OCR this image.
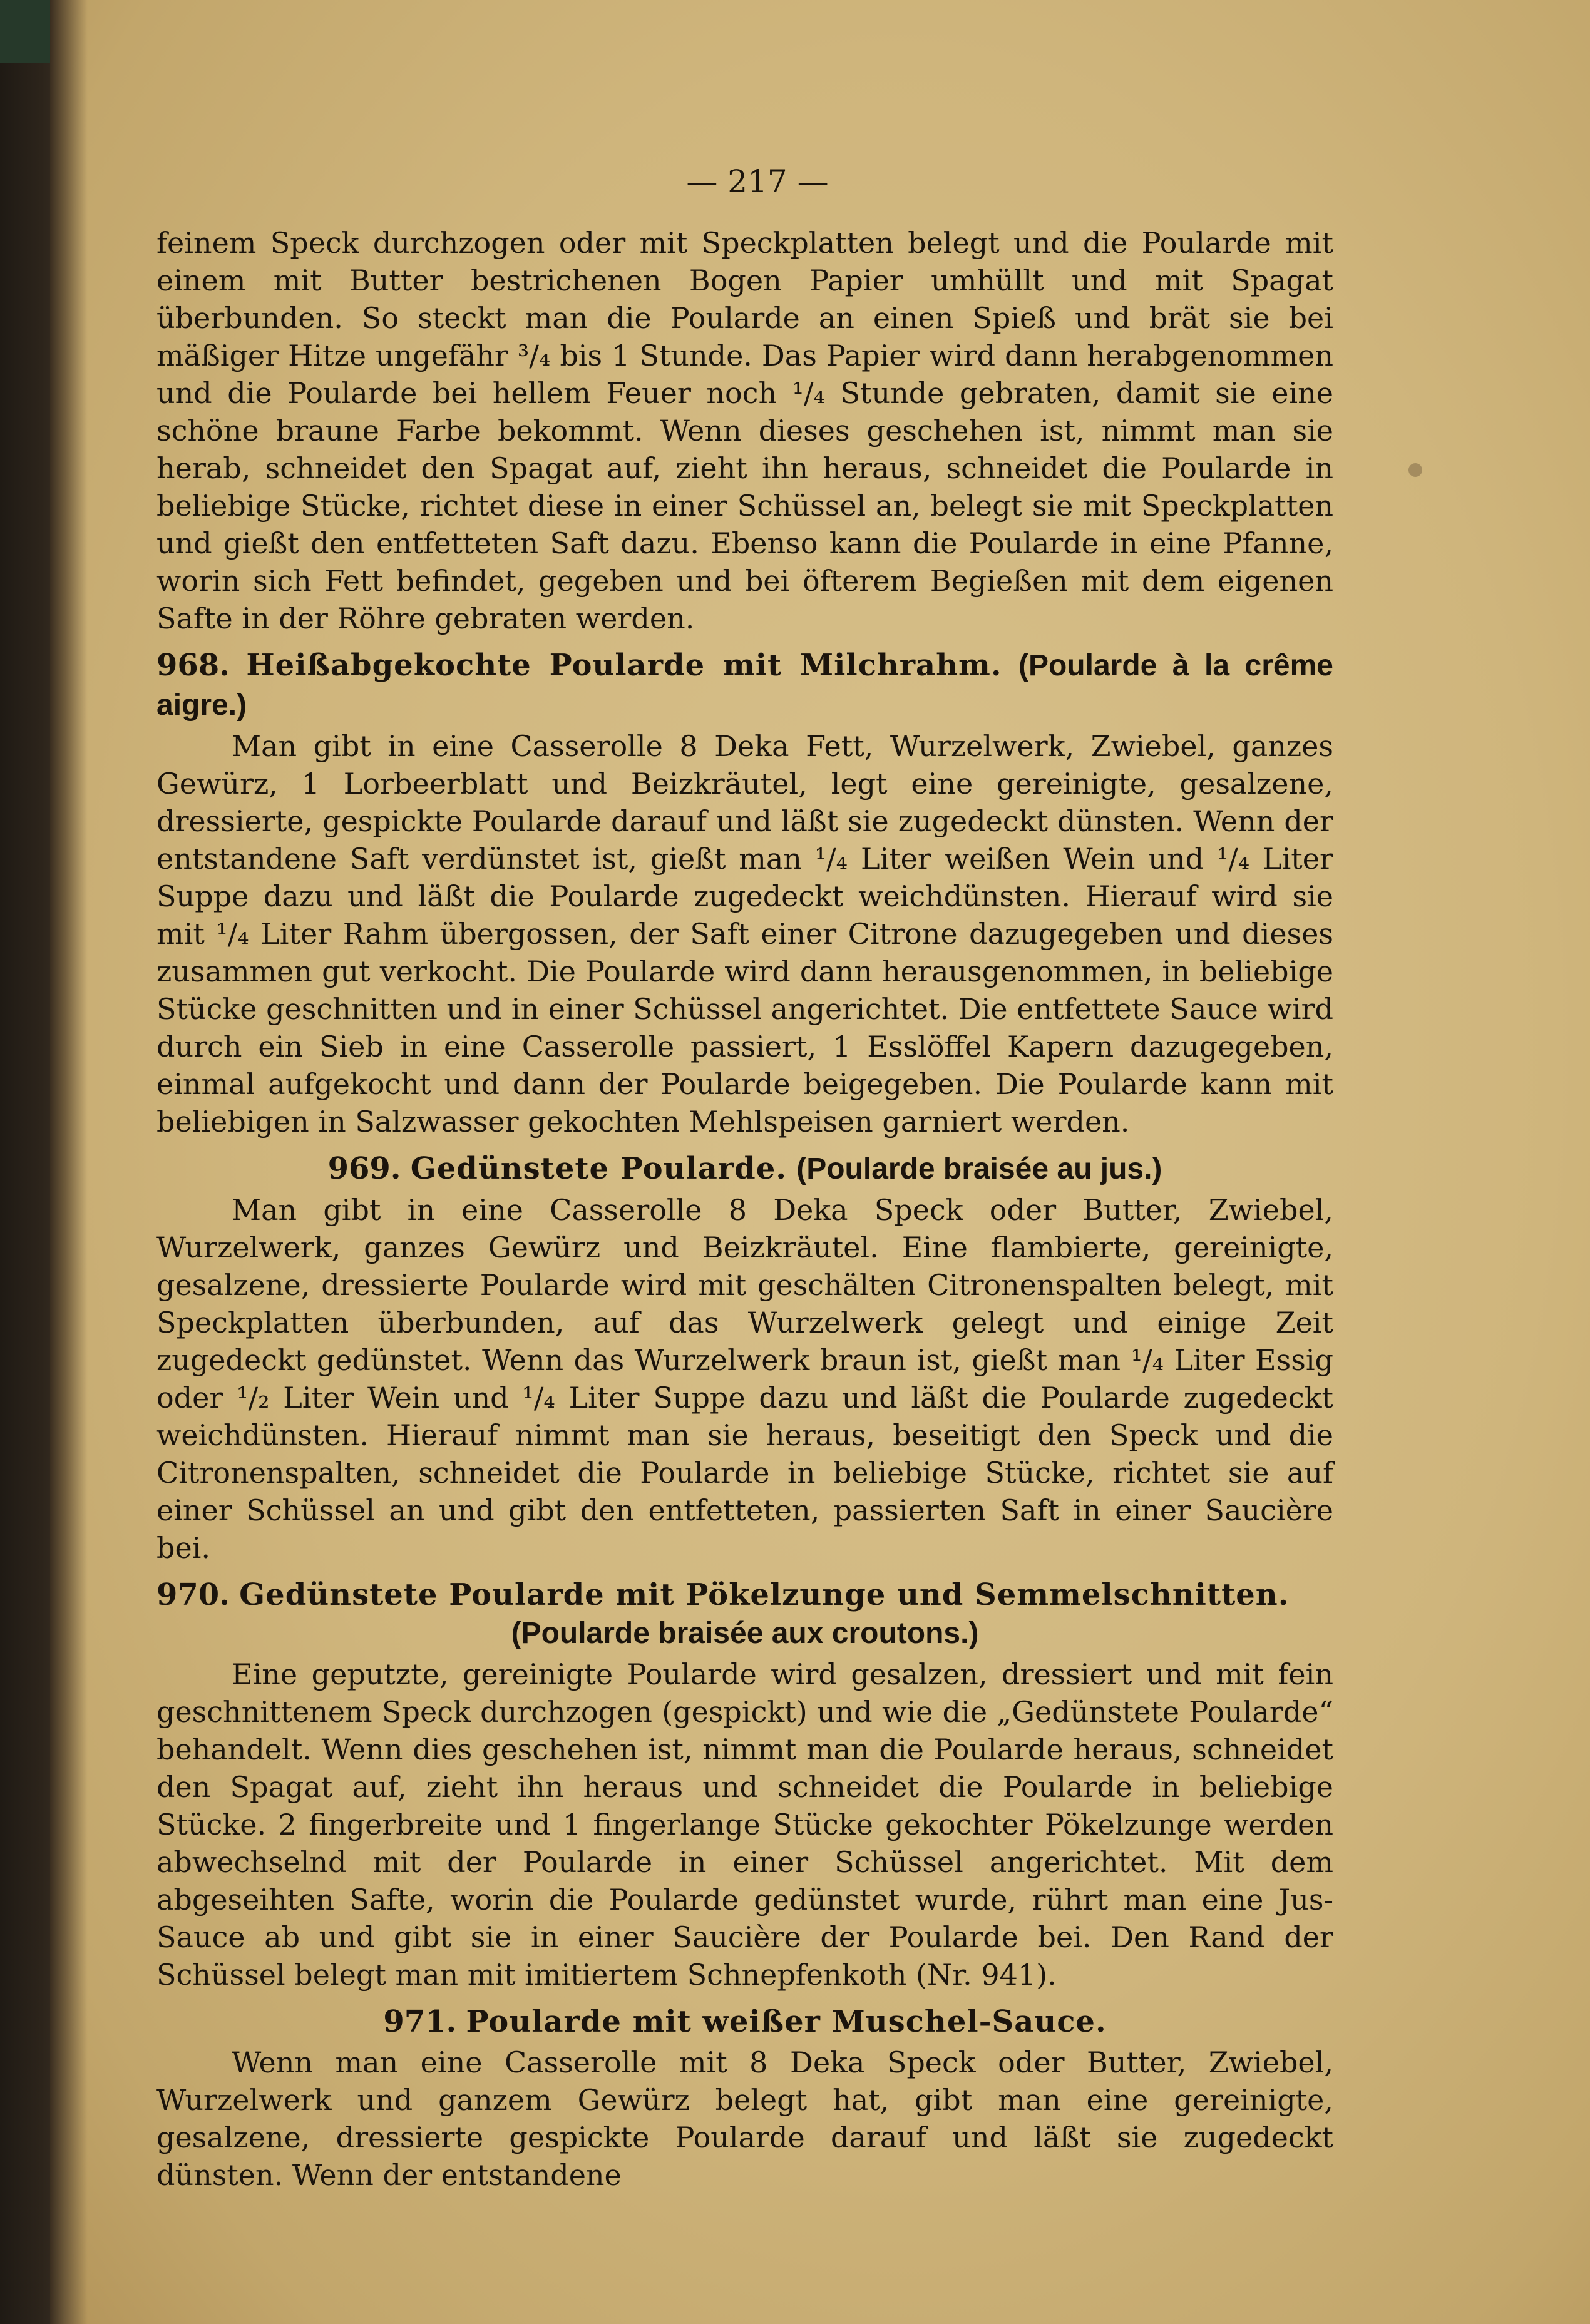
— 217 —

feinem Speck durchzogen oder mit Speckplatten belegt und die Poularde mit einem mit Butter bestrichenen Bogen Papier umhüllt und mit Spagat überbunden. So steckt man die Poularde an einen Spieß und brät sie bei mäßiger Hitze ungefähr ³/₄ bis 1 Stunde. Das Papier wird dann herabgenommen und die Poularde bei hellem Feuer noch ¹/₄ Stunde gebraten, damit sie eine schöne braune Farbe bekommt. Wenn dieses geschehen ist, nimmt man sie herab, schneidet den Spagat auf, zieht ihn heraus, schneidet die Poularde in beliebige Stücke, richtet diese in einer Schüssel an, belegt sie mit Speckplatten und gießt den entfetteten Saft dazu. Ebenso kann die Poularde in eine Pfanne, worin sich Fett befindet, gegeben und bei öfterem Begießen mit dem eigenen Safte in der Röhre gebraten werden.

968. Heißabgekochte Poularde mit Milchrahm. (Poularde à la crême aigre.)

Man gibt in eine Casserolle 8 Deka Fett, Wurzelwerk, Zwiebel, ganzes Gewürz, 1 Lorbeerblatt und Beizkräutel, legt eine gereinigte, gesalzene, dressierte, gespickte Poularde darauf und läßt sie zugedeckt dünsten. Wenn der entstandene Saft verdünstet ist, gießt man ¹/₄ Liter weißen Wein und ¹/₄ Liter Suppe dazu und läßt die Poularde zugedeckt weichdünsten. Hierauf wird sie mit ¹/₄ Liter Rahm übergossen, der Saft einer Citrone dazugegeben und dieses zusammen gut verkocht. Die Poularde wird dann herausgenommen, in beliebige Stücke geschnitten und in einer Schüssel angerichtet. Die entfettete Sauce wird durch ein Sieb in eine Casserolle passiert, 1 Esslöffel Kapern dazugegeben, einmal aufgekocht und dann der Poularde beigegeben. Die Poularde kann mit beliebigen in Salzwasser gekochten Mehlspeisen garniert werden.

969. Gedünstete Poularde. (Poularde braisée au jus.)

Man gibt in eine Casserolle 8 Deka Speck oder Butter, Zwiebel, Wurzelwerk, ganzes Gewürz und Beizkräutel. Eine flambierte, gereinigte, gesalzene, dressierte Poularde wird mit geschälten Citronenspalten belegt, mit Speckplatten überbunden, auf das Wurzelwerk gelegt und einige Zeit zugedeckt gedünstet. Wenn das Wurzelwerk braun ist, gießt man ¹/₄ Liter Essig oder ¹/₂ Liter Wein und ¹/₄ Liter Suppe dazu und läßt die Poularde zugedeckt weichdünsten. Hierauf nimmt man sie heraus, beseitigt den Speck und die Citronenspalten, schneidet die Poularde in beliebige Stücke, richtet sie auf einer Schüssel an und gibt den entfetteten, passierten Saft in einer Saucière bei.

970. Gedünstete Poularde mit Pökelzunge und Semmelschnitten.
(Poularde braisée aux croutons.)

Eine geputzte, gereinigte Poularde wird gesalzen, dressiert und mit fein geschnittenem Speck durchzogen (gespickt) und wie die „Gedünstete Poularde“ behandelt. Wenn dies geschehen ist, nimmt man die Poularde heraus, schneidet den Spagat auf, zieht ihn heraus und schneidet die Poularde in beliebige Stücke. 2 fingerbreite und 1 fingerlange Stücke gekochter Pökelzunge werden abwechselnd mit der Poularde in einer Schüssel angerichtet. Mit dem abgeseihten Safte, worin die Poularde gedünstet wurde, rührt man eine Jus-Sauce ab und gibt sie in einer Saucière der Poularde bei. Den Rand der Schüssel belegt man mit imitiertem Schnepfenkoth (Nr. 941).

971. Poularde mit weißer Muschel-Sauce.

Wenn man eine Casserolle mit 8 Deka Speck oder Butter, Zwiebel, Wurzelwerk und ganzem Gewürz belegt hat, gibt man eine gereinigte, gesalzene, dressierte gespickte Poularde darauf und läßt sie zugedeckt dünsten. Wenn der entstandene
